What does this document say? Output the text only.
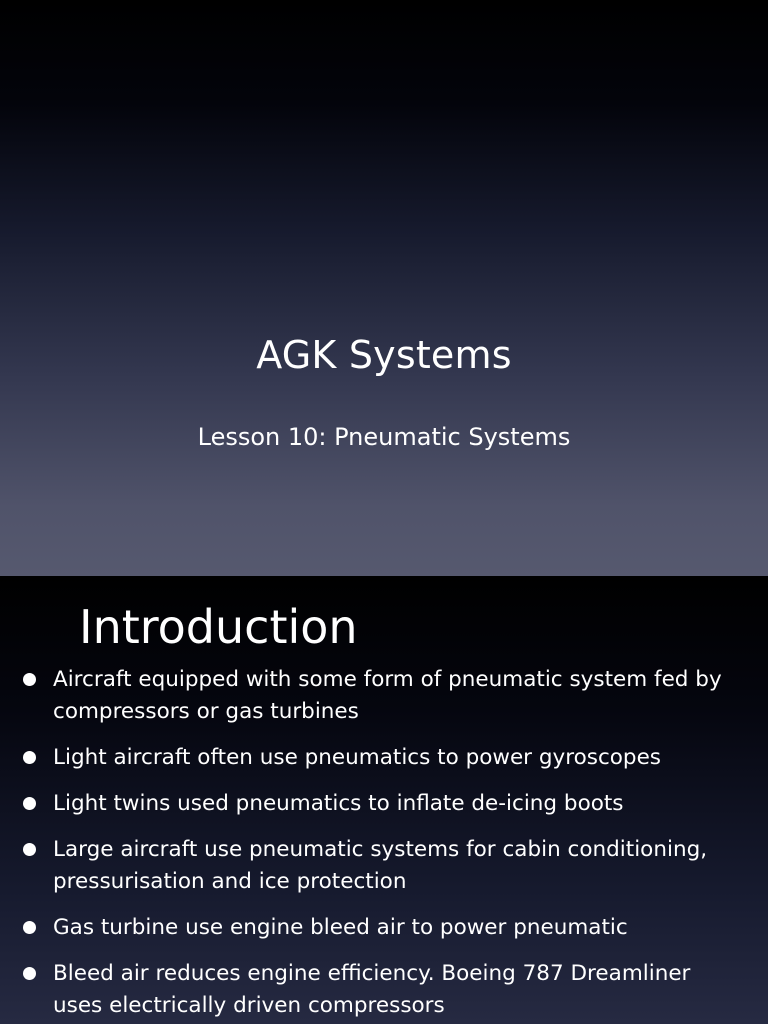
AGK Systems
Lesson 10: Pneumatic Systems
Introduction
Aircraft equipped with some form of pneumatic system fed by compressors or gas turbines
Light aircraft often use pneumatics to power gyroscopes
Light twins used pneumatics to inflate de-icing boots
Large aircraft use pneumatic systems for cabin conditioning, pressurisation and ice protection
Gas turbine use engine bleed air to power pneumatic
Bleed air reduces engine efficiency. Boeing 787 Dreamliner uses electrically driven compressors
